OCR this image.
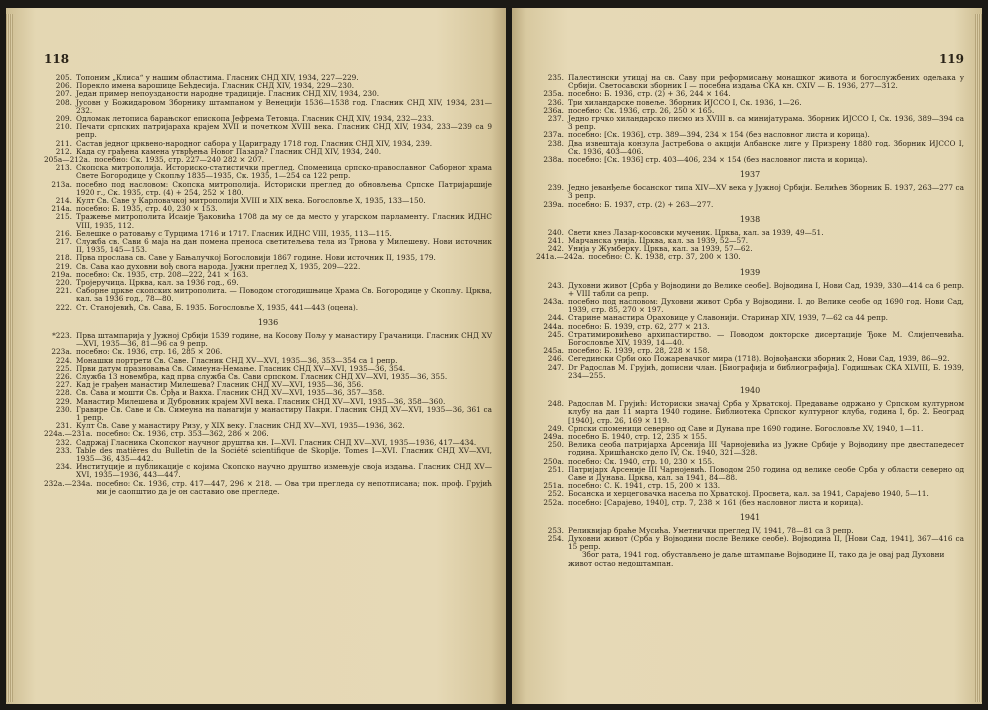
118
205. Топоним „Клиса“ у нашим областима. Гласник СНД XIV, 1934, 227—229.
206. Порекло имена варошице Бећдесија. Гласник СНД XIV, 1934, 229—230.
207. Један пример непоузданости народне традиције. Гласник СНД XIV, 1934, 230.
208. Јусовн у Божидаровом Зборнику штампаном у Венецији 1536—1538 год. Гласник СНД XIV, 1934, 231—232.
209. Одломак летописа барањског епископа Јефрема Тетовца. Гласник СНД XIV, 1934, 232—233.
210. Печати српских патријараха крајем XVII и почетком XVIII века. Гласник СНД XIV, 1934, 233—239 са 9 репр.
211. Састав једног црквено-народног сабора у Цариграду 1718 год. Гласник СНД XIV, 1934, 239.
212. Када су грађена камена утврђења Новог Пазара? Гласник СНД XIV, 1934, 240.
205а—212а. посебно: Ск. 1935, стр. 227—240 282 × 207.
213. Скопска митрополија. Историско-статистички преглед. Споменица српско-православног Саборног храма Свете Богородице у Скопљу 1835—1935, Ск. 1935, 1—254 са 122 репр.
213а. посебно под насловом: Скопска митрополија. Историски преглед до обновљења Српске Патријаршије 1920 г., Ск. 1935, стр. (4) + 254, 252 × 180.
214. Култ Св. Саве у Карловачкој митрополији XVIII и XIX века. Богословље X, 1935, 133—150.
214а. посебно: Б. 1935, стр. 40, 230 × 153.
215. Тражење митрополита Исаије Ђаковића 1708 да му се да место у угарском парламенту. Гласник ИДНС VIII, 1935, 112.
216. Белешке о ратовању с Турцима 1716 и 1717. Гласник ИДНС VIII, 1935, 113—115.
217. Служба св. Сави 6 маја на дан помена преноса светитељева тела из Трнова у Милешеву. Нови источник II, 1935, 145—153.
218. Прва прослава св. Саве у Бањалучкој Богословији 1867 године. Нови источник II, 1935, 179.
219. Св. Сава као духовни вођ свога народа. Јужни преглед X, 1935, 209—222.
219а. посебно: Ск. 1935, стр. 208—222, 241 × 163.
220. Тројеручица. Црква, кал. за 1936 год., 69.
221. Саборне цркве скопских митрополита. — Поводом стогодишњице Храма Св. Богородице у Скопљу. Црква, кал. за 1936 год., 78—80.
222. Ст. Станојевић, Св. Сава, Б. 1935. Богословље X, 1935, 441—443 (оцена).
1936
*223. Прва штампарија у Јужној Србији 1539 године, на Косову Пољу у манастиру Грачаници. Гласник СНД XV—XVI, 1935—36, 81—96 са 9 репр.
223а. посебно: Ск. 1936, стр. 16, 285 × 206.
224. Монашки портрети Св. Саве. Гласник СНД XV—XVI, 1935—36, 353—354 са 1 репр.
225. Први датум празновања Св. Симеуна-Немање. Гласник СНД XV—XVI, 1935—36, 354.
226. Служба 13 новембра, кад прва служба Св. Сави српском. Гласник СНД XV—XVI, 1935—36, 355.
227. Кад је грађен манастир Милешева? Гласник СНД XV—XVI, 1935—36, 356.
228. Св. Сава и мошти Св. Срђа и Вакха. Гласник СНД XV—XVI, 1935—36, 357—358.
229. Манастир Милешева и Дубровник крајем XVI века. Гласник СНД XV—XVI, 1935—36, 358—360.
230. Гравире Св. Саве и Св. Симеуна на панагији у манастиру Пакри. Гласник СНД XV—XVI, 1935—36, 361 са 1 репр.
231. Култ Св. Саве у манастиру Ризу, у XIX веку. Гласник СНД XV—XVI, 1935—1936, 362.
224а.—231а. посебно: Ск. 1936, стр. 353—362, 286 × 206.
232. Садржај Гласника Скопског научног друштва кн. I—XVI. Гласник СНД XV—XVI, 1935—1936, 417—434.
233. Table des matières du Bulletin de la Société scientifique de Skoplje. Tomes I—XVI. Гласник СНД XV—XVI, 1935—36, 435—442.
234. Институције и публикације с којима Скопско научно друштво измењује своја издања. Гласник СНД XV—XVI, 1935—1936, 443—447.
232а.—234а. посебно: Ск. 1936, стр. 417—447, 296 × 218. — Ова три прегледа су непотписана; пок. проф. Грујић ми је саопштио да је он саставио ове прегледе.
119
235. Палестински утицај на св. Саву при реформисању монашког живота и богослужбених одељака у Србији. Светосавски зборник I — посебна издања СКА кн. CXIV — Б. 1936, 277—312.
235а. посебно: Б. 1936, стр. (2) + 36, 244 × 164.
236. Три хиландарске повеље. Зборник ИЈССО I, Ск. 1936, 1—26.
236а. посебно: Ск. 1936, стр. 26, 250 × 165.
237. Једно грчко хиландарско писмо из XVIII в. са минијатурама. Зборник ИЈССО I, Ск. 1936, 389—394 са 3 репр.
237а. посебно: [Ск. 1936], стр. 389—394, 234 × 154 (без насловног листа и корица).
238. Два извештаја конзула Јастребова о акцији Албанске лиге у Призрену 1880 год. Зборник ИЈССО I, Ск. 1936, 403—406.
238а. посебно: [Ск. 1936] стр. 403—406, 234 × 154 (без насловног листа и корица).
1937
239. Једно јеванђеље босанског типа XIV—XV века у Јужној Србији. Белићев Зборник Б. 1937, 263—277 са 3 репр.
239а. посебно: Б. 1937, стр. (2) + 263—277.
1938
240. Свети кнез Лазар-косовски мученик. Црква, кал. за 1939, 49—51.
241. Марчанска унија. Црква, кал. за 1939, 52—57.
242. Унија у Жумберку. Црква, кал. за 1939, 57—62.
241а.—242а. посебно: С. К. 1938, стр. 37, 200 × 130.
1939
243. Духовни живот [Срба у Војводини до Велике сеобе]. Војводина I, Нови Сад, 1939, 330—414 са 6 репр. + VIII табли са репр.
243а. посебно под насловом: Духовни живот Срба у Војводини. I. до Велике сеобе од 1690 год. Нови Сад, 1939, стр. 85, 270 × 197.
244. Старине манастира Ораховице у Славонији. Старинар XIV, 1939, 7—62 са 44 репр.
244а. посебно: Б. 1939, стр. 62, 277 × 213.
245. Стратимировићево архипастирство. — Поводом докторске дисертације Ђоке М. Слијепчевића. Богословље XIV, 1939, 14—40.
245а. посебно: Б. 1939, стр. 28, 228 × 158.
246. Сегедински Срби око Пожаревачког мира (1718). Војвођански зборник 2, Нови Сад, 1939, 86—92.
247. Dr Радослав М. Грујић, дописни члан. [Биографија и библиографија]. Годишњак СКА XLVIII, Б. 1939, 234—255.
1940
248. Радослав М. Грујић: Историски значај Срба у Хрватској. Предавање одржано у Српском културном клубу на дан 11 марта 1940 године. Библиотека Српског културног клуба, година I, бр. 2. Београд [1940], стр. 26, 169 × 119.
249. Српски споменици северно од Саве и Дунава пре 1690 године. Богословље XV, 1940, 1—11.
249а. посебно Б. 1940, стр. 12, 235 × 155.
250. Велика сеоба патријарха Арсенија III Чарнојевића из Јужне Србије у Војводину пре двестапедесет година. Хришћанско дело IV, Ск. 1940, 321—328.
250а. посебно: Ск. 1940, стр. 10, 230 × 155.
251. Патријарх Арсеније III Чарнојевић. Поводом 250 година од велике сеобе Срба у области северно од Саве и Дунава. Црква, кал. за 1941, 84—88.
251а. посебно: С. К. 1941, стр. 15, 200 × 133.
252. Босанска и херцеговачка насеља по Хрватској. Просвета, кал. за 1941, Сарајево 1940, 5—11.
252а. посебно: [Сарајево, 1940], стр. 7, 238 × 161 (без насловног листа и корица).
1941
253. Реликвијар браће Мусића. Уметнички преглед IV, 1941, 78—81 са 3 репр.
254. Духовни живот (Срба у Војводини после Велике сеобе). Војводина II, [Нови Сад, 1941], 367—416 са 15 репр.
Због рата, 1941 год. обустављено је даље штампање Војводине II, тако да је овај рад Духовни живот остао недоштампан.
